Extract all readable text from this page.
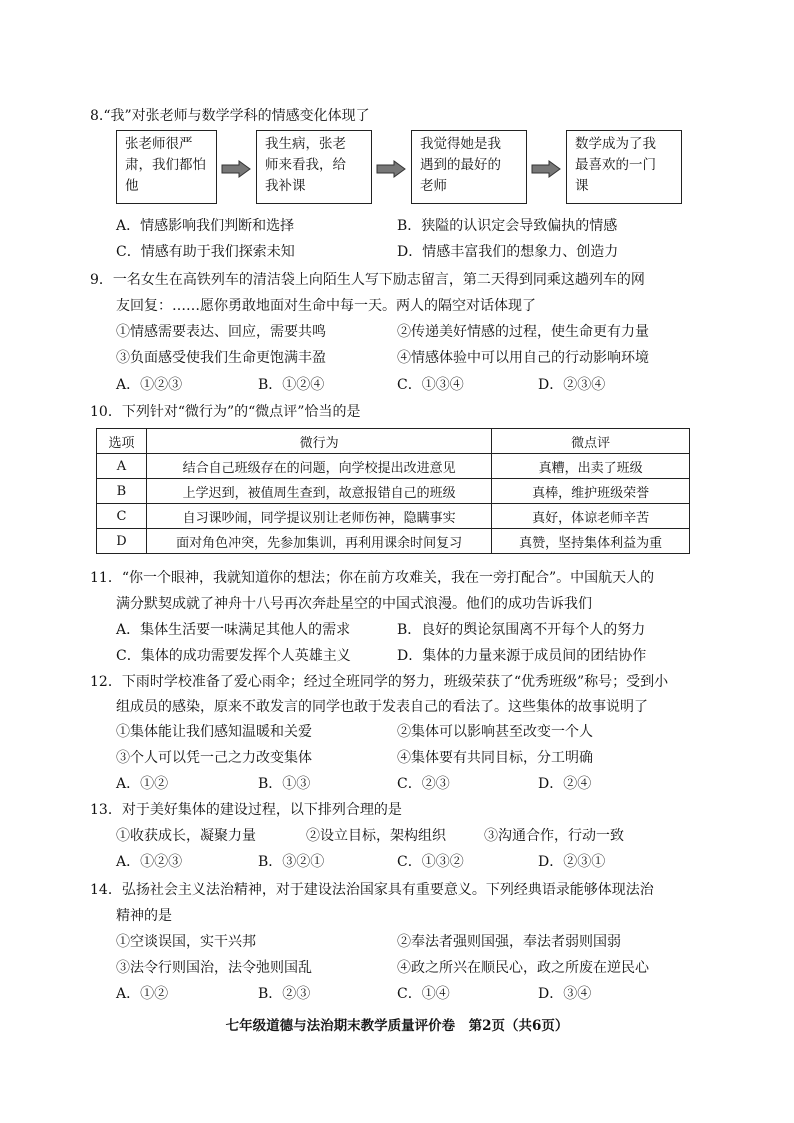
8.“我”对张老师与数学学科的情感变化体现了
张老师很严
肃，我们都怕
他
我生病，张老
师来看我，给
我补课
我觉得她是我
遇到的最好的
老师
数学成为了我
最喜欢的一门
课
A．情感影响我们判断和选择	B．狭隘的认识定会导致偏执的情感
C．情感有助于我们探索未知	D．情感丰富我们的想象力、创造力
9．一名女生在高铁列车的清洁袋上向陌生人写下励志留言，第二天得到同乘这趟列车的网
友回复：……愿你勇敢地面对生命中每一天。两人的隔空对话体现了
①情感需要表达、回应，需要共鸣	②传递美好情感的过程，使生命更有力量
③负面感受使我们生命更饱满丰盈	④情感体验中可以用自己的行动影响环境
A．①②③	B．①②④	C．①③④	D．②③④
10．下列针对“微行为”的“微点评”恰当的是
选项	微行为	微点评
A	结合自己班级存在的问题，向学校提出改进意见	真糟，出卖了班级
B	上学迟到，被值周生查到，故意报错自己的班级	真棒，维护班级荣誉
C	自习课吵闹，同学提议别让老师伤神，隐瞒事实	真好，体谅老师辛苦
D	面对角色冲突，先参加集训，再利用课余时间复习	真赞，坚持集体利益为重
11．“你一个眼神，我就知道你的想法；你在前方攻难关，我在一旁打配合”。中国航天人的
满分默契成就了神舟十八号再次奔赴星空的中国式浪漫。他们的成功告诉我们
A．集体生活要一味满足其他人的需求	B．良好的舆论氛围离不开每个人的努力
C．集体的成功需要发挥个人英雄主义	D．集体的力量来源于成员间的团结协作
12．下雨时学校准备了爱心雨伞；经过全班同学的努力，班级荣获了“优秀班级”称号；受到小
组成员的感染，原来不敢发言的同学也敢于发表自己的看法了。这些集体的故事说明了
①集体能让我们感知温暖和关爱	②集体可以影响甚至改变一个人
③个人可以凭一己之力改变集体	④集体要有共同目标，分工明确
A．①②	B．①③	C．②③	D．②④
13．对于美好集体的建设过程，以下排列合理的是
①收获成长，凝聚力量	②设立目标，架构组织	③沟通合作，行动一致
A．①②③	B．③②①	C．①③②	D．②③①
14．弘扬社会主义法治精神，对于建设法治国家具有重要意义。下列经典语录能够体现法治
精神的是
①空谈误国，实干兴邦	②奉法者强则国强，奉法者弱则国弱
③法令行则国治，法令弛则国乱	④政之所兴在顺民心，政之所废在逆民心
A．①②	B．②③	C．①④	D．③④
七年级道德与法治期末教学质量评价卷　第2页（共6页）
